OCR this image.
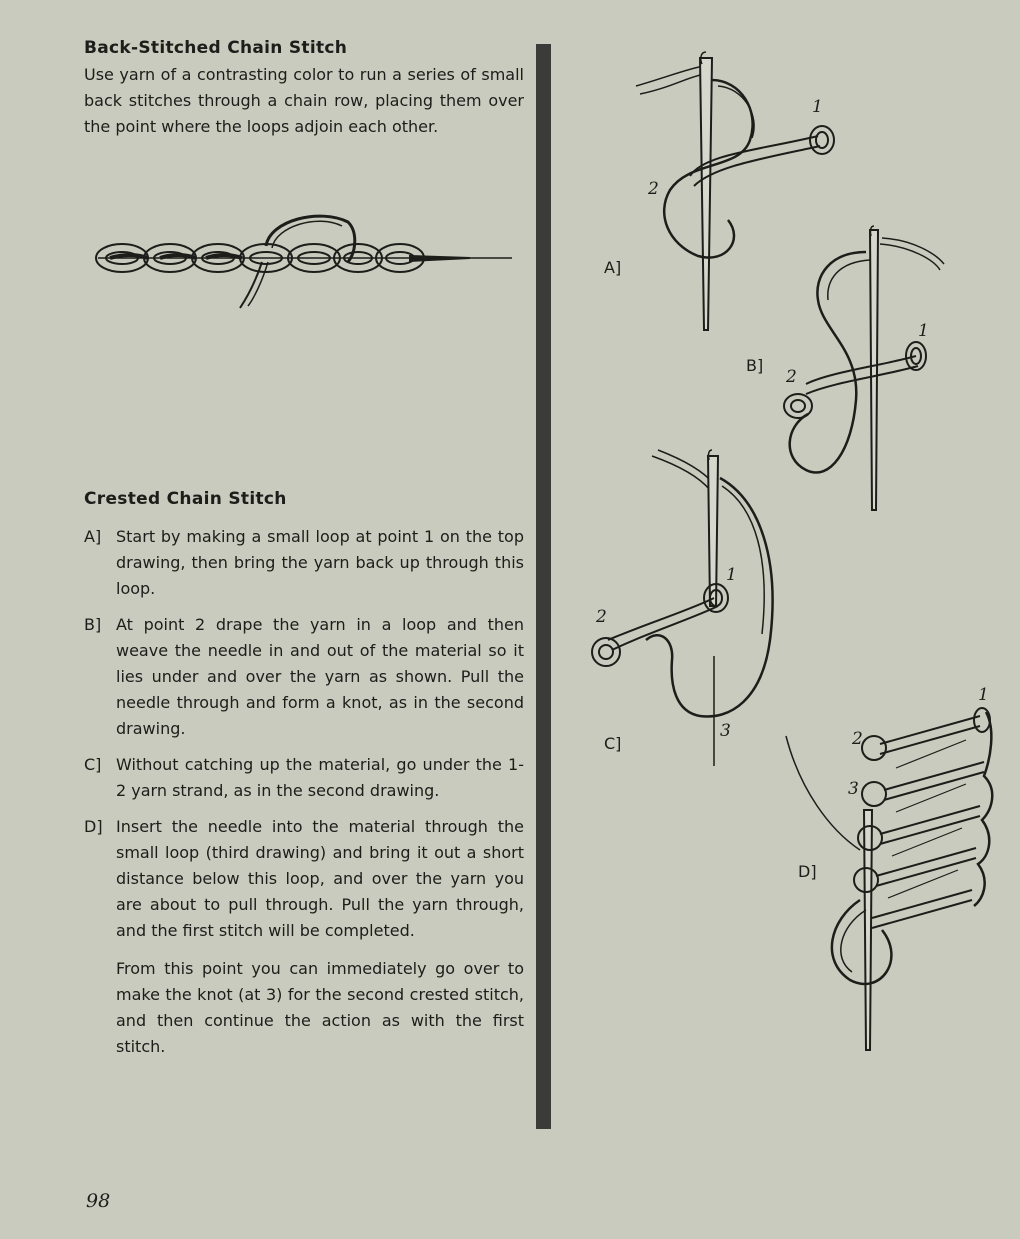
Back-Stitched Chain Stitch

Use yarn of a contrasting color to run a series of small back stitches through a chain row, placing them over the point where the loops adjoin each other.

Crested Chain Stitch
A] Start by making a small loop at point 1 on the top drawing, then bring the yarn back up through this loop.
B] At point 2 drape the yarn in a loop and then weave the needle in and out of the material so it lies under and over the yarn as shown. Pull the needle through and form a knot, as in the second drawing.
C] Without catching up the material, go under the 1-2 yarn strand, as in the second drawing.
D] Insert the needle into the material through the small loop (third drawing) and bring it out a short distance below this loop, and over the yarn you are about to pull through. Pull the yarn through, and the first stitch will be completed.

From this point you can immediately go over to make the knot (at 3) for the second crested stitch, and then continue the action as with the first stitch.

1
2
1
2
1
2
3
1
2
3
A]
B]
C]
D]
98
